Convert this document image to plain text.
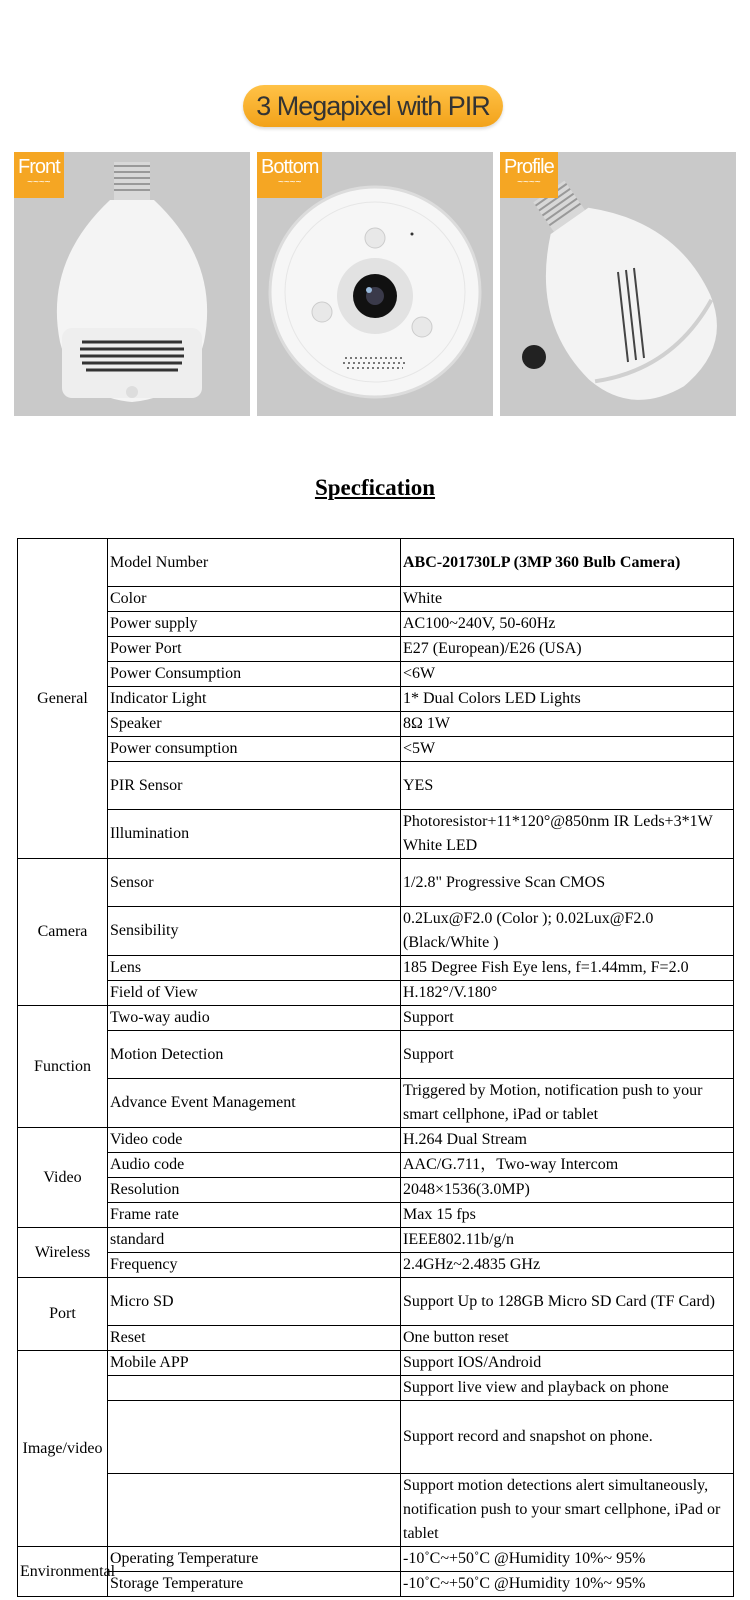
3 Megapixel with PIR
Front
~~~~
Bottom
~~~~
Profile
~~~~
Specfication
General	Model Number	ABC-201730LP (3MP 360 Bulb Camera)
	Color	White
	Power supply	AC100~240V, 50-60Hz
	Power Port	E27 (European)/E26 (USA)
	Power Consumption	<6W
	Indicator Light	1* Dual Colors LED Lights
	Speaker	8Ω 1W
	Power consumption	<5W
	PIR Sensor	YES
	Illumination	Photoresistor+11*120°@850nm IR Leds+3*1W White LED
Camera	Sensor	1/2.8" Progressive Scan CMOS
	Sensibility	0.2Lux@F2.0 (Color ); 0.02Lux@F2.0 (Black/White )
	Lens	185 Degree Fish Eye lens, f=1.44mm, F=2.0
	Field of View	H.182°/V.180°
Function	Two-way audio	Support
	Motion Detection	Support
	Advance Event Management	Triggered by Motion, notification push to your smart cellphone, iPad or tablet
Video	Video code	H.264 Dual Stream
	Audio code	AAC/G.711，Two-way Intercom
	Resolution	2048×1536(3.0MP)
	Frame rate	Max 15 fps
Wireless	standard	IEEE802.11b/g/n
	Frequency	2.4GHz~2.4835 GHz
Port	Micro SD	Support Up to 128GB Micro SD Card (TF Card)
	Reset	One button reset
Image/video	Mobile APP	Support IOS/Android
		Support live view and playback on phone
		Support record and snapshot on phone.
		Support motion detections alert simultaneously, notification push to your smart cellphone, iPad or tablet
Environmental	Operating Temperature	-10˚C~+50˚C @Humidity 10%~ 95%
	Storage Temperature	-10˚C~+50˚C @Humidity 10%~ 95%
